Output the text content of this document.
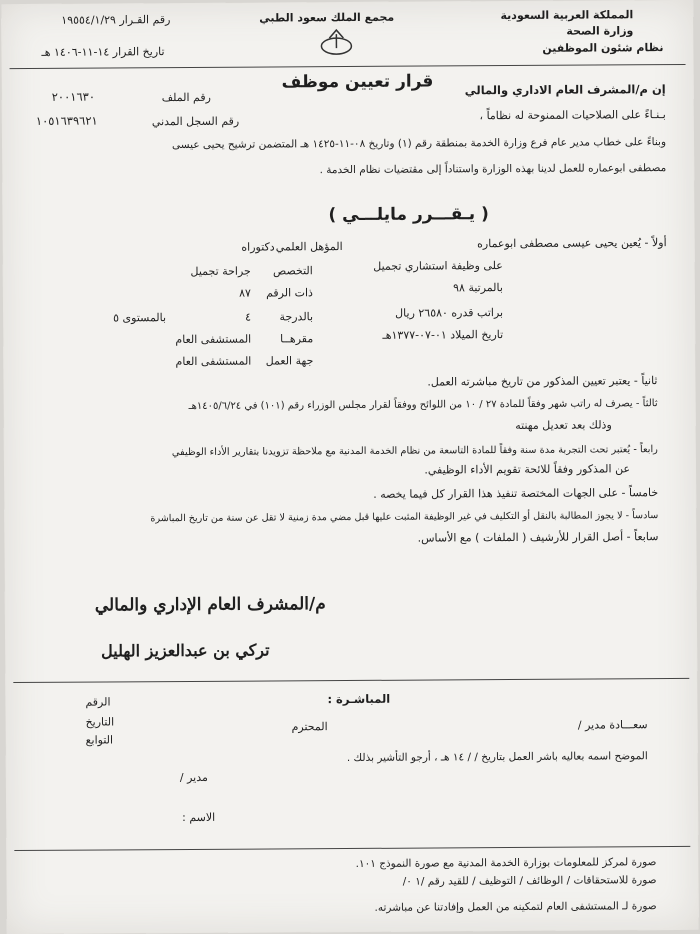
المملكة العربية السعودية
وزارة الصحة
نظام شئون الموظفين
مجمع الملك سعود الطبي
رقم القـرار ١٩٥٥٤/١/٢٩
تاريخ القرار ١٤-١١-١٤٠٦ هـ
قرار تعيين موظف
رقم الملف
٢٠٠١٦٣٠
رقم السجل المدني
١٠٥١٦٣٩٦٢١
إن م/المشرف العام الاداري والمالي
بـنـاءً على الصلاحيات الممنوحة له نظاماً ،
وبناءً على خطاب مدير عام فرع وزارة الخدمة بمنطقة رقم (١) وتاريخ ٠٨-١١-١٤٢٥ هـ المتضمن ترشيح يحيى عيسى
مصطفى ابوعماره للعمل لدينا بهذه الوزارة واستناداً إلى مقتضيات نظام الخدمة .
( يـقـــرر مايلـــي )
أولاً - يُعين يحيى عيسى مصطفى ابوعماره
على وظيفة استشاري تجميل
بالمرتبة ٩٨
براتب قدره ٢٦٥٨٠ ريال
تاريخ الميلاد ٠١-٠٧-١٣٧٧هـ
المؤهل العلمي
دكتوراه
التخصص
جراحة تجميل
ذات الرقم
٨٧
بالدرجة
٤
بالمستوى ٥
مقرهــا
المستشفى العام
جهة العمل
المستشفى العام
ثانياً - يعتبر تعيين المذكور من تاريخ مباشرته العمل.
ثالثاً - يصرف له راتب شهر وفقاً للمادة ٢٧ / ١٠ من اللوائح ووفقاً لقرار مجلس الوزراء رقم (١٠١) في ١٤٠٥/٦/٢٤هـ
وذلك بعد تعديل مهنته
رابعاً - يُعتبر تحت التجربة مدة سنة وفقاً للمادة التاسعة من نظام الخدمة المدنية مع ملاحظة تزويدنا بتقارير الأداء الوظيفي
عن المذكور وفقاً للائحة تقويم الأداء الوظيفي.
خامساً - على الجهات المختصة تنفيذ هذا القرار كل فيما يخصه .
سادساً - لا يجوز المطالبة بالنقل أو التكليف في غير الوظيفة المثبت عليها قبل مضي مدة زمنية لا تقل عن سنة من تاريخ المباشرة
سابعاً - أصل القرار للأرشيف ( الملفات ) مع الأساس.
م/المشرف العام الإداري والمالي
تركي بن عبدالعزيز الهليل
المباشـرة :
الرقم
التاريخ
التوابع
سعـــادة مدير /
المحترم
الموضح اسمه بعاليه باشر العمل بتاريخ / / ١٤ هـ ، أرجو التأشير بذلك .
مدير /
الاسم :
صورة لمركز للمعلومات بوزارة الخدمة المدنية مع صورة النموذج ١٠١.
صورة للاستحقاقات / الوظائف / التوظيف / للقيد رقم /١ ٠/
صورة لـ المستشفى العام لتمكينه من العمل وإفادتنا عن مباشرته.
